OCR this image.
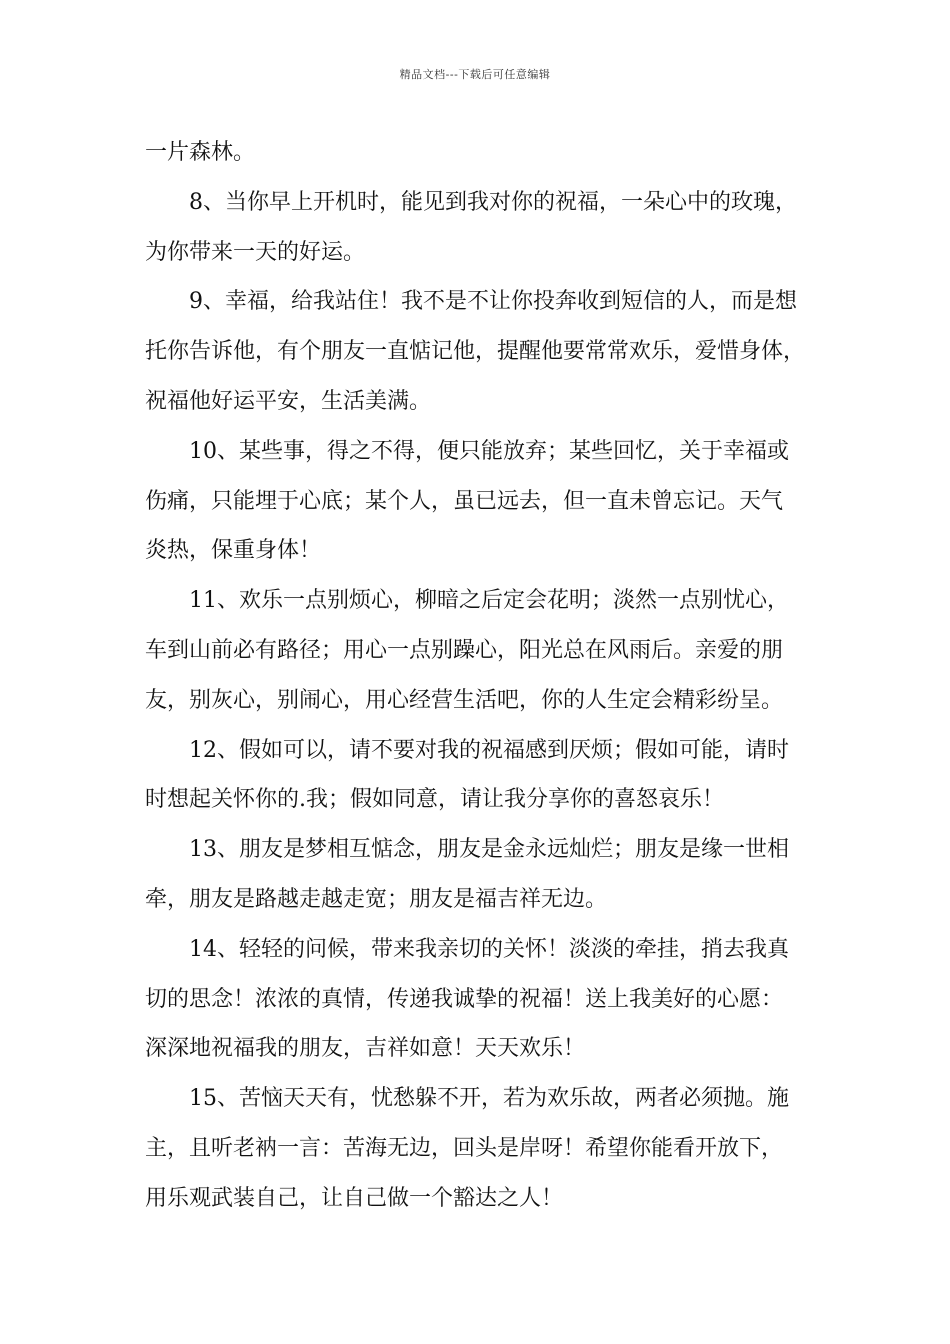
精品文档---下载后可任意编辑
一片森林。
8、当你早上开机时，能见到我对你的祝福，一朵心中的玫瑰，
为你带来一天的好运。
9、幸福，给我站住！我不是不让你投奔收到短信的人，而是想
托你告诉他，有个朋友一直惦记他，提醒他要常常欢乐，爱惜身体，
祝福他好运平安，生活美满。
10、某些事，得之不得，便只能放弃；某些回忆，关于幸福或
伤痛，只能埋于心底；某个人，虽已远去，但一直未曾忘记。天气
炎热，保重身体！
11、欢乐一点别烦心，柳暗之后定会花明；淡然一点别忧心，
车到山前必有路径；用心一点别躁心，阳光总在风雨后。亲爱的朋
友，别灰心，别闹心，用心经营生活吧，你的人生定会精彩纷呈。
12、假如可以，请不要对我的祝福感到厌烦；假如可能，请时
时想起关怀你的.我；假如同意，请让我分享你的喜怒哀乐！
13、朋友是梦相互惦念，朋友是金永远灿烂；朋友是缘一世相
牵，朋友是路越走越走宽；朋友是福吉祥无边。
14、轻轻的问候，带来我亲切的关怀！淡淡的牵挂，捎去我真
切的思念！浓浓的真情，传递我诚挚的祝福！送上我美好的心愿：
深深地祝福我的朋友，吉祥如意！天天欢乐！
15、苦恼天天有，忧愁躲不开，若为欢乐故，两者必须抛。施
主，且听老衲一言：苦海无边，回头是岸呀！希望你能看开放下，
用乐观武装自己，让自己做一个豁达之人！
